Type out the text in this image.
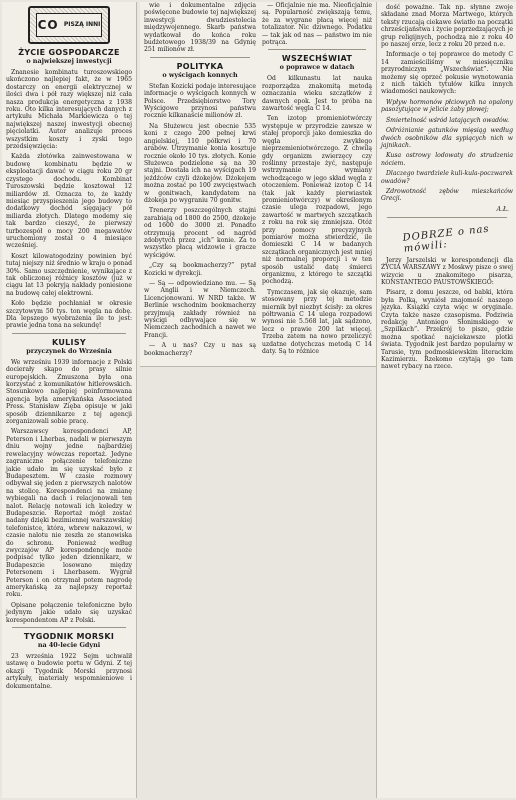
CO $^{PISZĄ INNI}$
ŻYCIE GOSPODARCZE
o najwiekszej inwestycji

Znanesie kombinatu turoszowskiego ukończono najlepiej fakt, że w 1965 dostarczy on energii elektrycznej w ilości dwa i pół razy większej niż cała nasza produkcja energetyczna z 1938 roku. Oto kilka interesujących danych z artykułu Michała Markiewicza o tej największej naszej inwestycji obecnej pięciolatki. Autor analizuje proces wszystkim koszty i zyski tego przedsięwzięcia:

Każda złotówka zainwestowana w budowę kombinatu będzie w eksploatacji dawać w ciągu roku 20 gr czystego dochodu. Kombinat Turoszowski będzie kosztował 12 miliardów zł. Oznacza to, że każdy miesiąc przyspieszenia jego budowy to dodatkowy dochód sięgający pół miliarda złotych. Dlatego modemy się tak bardzo cieszyć, że pierwszy turbozespół o mocy 200 megawatów uruchomiony został o 4 miesiące wcześniej.

Koszt kilowatogodziny powinien być tutaj niejszy niż średnio w kraju o ponad 30%. Samo uszczędnienie, wynikające z tak obliczonej różnicy kosztów (już w ciągu lat 13 pokryją nakłady poniesione na budowę całej elektrowni.

Koło będzie pochłaniał w okresie szczytowym 50 tys. ton węgla na dobę. Dla lepszego wyobrażenia ile to jest: prawie jedna tona na sekundę!

KULISY
przyczynek do Września

We wrześniu 1939 informacje z Polski docierały skąpo do prasy silnie europejskich. Zmuszona była ona korzystać z komunikatów hitlerowskich. Stosunkowo najlepiej poinformowana agencja była amerykańska Associated Press. Stanisław Zięba opisuje w jaki sposób dziennikarze z tej agencji zorganizowali sobie pracę.

Warszawscy korespondenci AP, Peterson i Lherbas, nadali w pierwszym dniu wojny jedne najbardziej rewelacyjny wówczas reportaż. Jedyne zagraniczne połączenie telefoniczne jakie udało im się uzyskać było z Budapesztem. W czasie rozmowy odbywał się jeden z pierwszych nalotów na stolicę. Korespondenci na zmianę wybiegali na dach i relacjonowali ten nalot. Relację notowali ich koledzy w Budapeszcie. Reportaż mógł zostać nadany dzięki bezimiennej warszawskiej telefonistce, która, wbrew nakazowi, w czasie nalotu nie zeszła ze stanowiska do schronu. Ponieważ według zwyczajów AP korespondencję może podpisać tylko jeden dziennikarz, w Budapeszcie losowano między Petersonem i Lherbasem. Wygrał Peterson i on otrzymał potem nagrodę amerykańską za najlepszy reportaż roku.

Opisane połączenie telefoniczne było jedynym jakie udało się uzyskać korespondentom AP z Polski.

TYGODNIK MORSKI
na 40-lecie Gdyni

23 września 1922 Sejm uchwalił ustawę o budowie portu w Gdyni. Z tej okazji Tygodnik Morski przynosi artykuły, materiały wspomnieniowe i dokumentalne.

wie i dokumentalne zdjęcia poświęcone budowie tej największej inwestycji dwudziestolecia międzywojennego. Skarb państwa wydatkował do końca roku budżetowego 1938/39 na Gdynię 251 milionów zł.

POLITYKA
o wyścigach konnych

Stefan Kozicki podaje interesujące informacje o wyścigach konnych w Polsce. Przedsiębiorstwo Tory Wyścigowe przynosi państwu rocznie kilkanaście milionów zł.

Na Służewcu jest obecnie 535 koni z czego 200 pełnej krwi angielskiej, 110 półkrwi i 70 arabów. Utrzymanie konia kosztuje rocznie około 10 tys. złotych. Konie Służewca podzielone są na 30 stajni. Dostała ich na wyścigach 19 jeźdźców czyli dżokejów. Dżokejem można zostać po 100 zwycięstwach w gonitwach, kandydatem na dżokeja po wygraniu 70 gonitw.

Trenerzy poszczególnych stajni zarabiają od 1800 do 2500, dżokeje od 1600 do 3000 zł. Ponadto otrzymują procent od nagród zdobytych przez „ich” konie. Za to wszystko płacą widzowie i gracze wyścigów.

„Czy są bookmacherzy?” pytał Kozicki w dyrekcji.

— Są — odpowiedziano mu. — Są w Anglii i w Niemczech. Licencjonowani. W NRD także. W Berlinie wschodnim bookmacherzy przyjmują zakłady również na wyścigi odbywające się w Niemczech zachodnich a nawet we Francji.

— A u nas? Czy u nas są bookmacherzy?

— Oficjalnie nie ma. Nieoficjalnie są. Popularność zwiększają temu, że za wygrane płacą więcej niż totalizator. Nic dziwnego. Podatku — tak jak od nas — państwo im nie potrąca.

WSZECHŚWIAT
o poprawce w datach

Od kilkunastu lat nauka rozporządza znakomitą metodą oznaczania wieku szczątków z dawnych epok. Jest to próba na zawartość węgla C 14.

Ten izotop promieniotwórczy występuje w przyrodzie zawsze w stałej proporcji jako domieszka do węgla zwykłego nieprzemieniotwórczego. Z chwilą gdy organizm zwierzęcy czy roślinny przestaje żyć, następuje wstrzymanie wymiany wchodzącego w jego skład węgla z otoczeniem. Ponieważ izotop C 14 (tak jak każdy pierwiastek promieniotwórczy) w określonym czasie ulega rozpadowi, jego zawartość w martwych szczątkach z roku na rok się zmniejsza. Otóż przy pomocy precyzyjnych pomiarów można stwierdzić, ile domieszki C 14 w badanych szczątkach organicznych jest mniej niż normalnej proporcji i w ten sposób ustalić datę śmierci organizmu, z którego te szczątki pochodzą.

Tymczasem, jak się okazuje, sam stosowany przy tej metodzie miernik był niezbyt ścisły: za okres półtrwania C 14 ulega rozpadowi wynosi nie 5.568 lat, jak sądzono, lecz o prawie 200 lat więcej. Trzeba zatem na nowo przeliczyć uzdatne dotychczas metodą C 14 daty. Są to różnice

dość poważne. Tak np. słynne zwoje składane znad Morza Martwego, których teksty rzucają ciekawe światło na początki chrześcijaństwa i życie poprzedzających je grup religijnych, pochodzą nie z roku 40 po naszej erze, lecz z roku 20 przed n.e.

Informacje o tej poprawce do metody C 14 zamieściliśmy w miesięczniku przyrodniczym „Wszechświat”. Nie możemy się oprzeć pokusie wynotowania z nich takich tytułów kilku innych wiadomości naukowych:

Wpływ hormonów płciowych na opalony pasożytujące w jelicie żaby płowej;

Śmiertelność wśród latających owadów.

Odróżnianie gatunków mięsiąg według dwóch osobników dla sypiących nich w jajnikach.

Kusa ostrowy lodowaty do strudzenia nóciem.

Dlaczego twardziele kuli-kula-poczwarek owadów?

Zdrowotność zębów mieszkańców Grecji.

A.Ł.
DOBRZE o nas mówili:

Jerzy Jarszelski w korespondencji dla ŻYCIA WARSZAWY z Moskwy pisze o swej wizycie u znakomitego pisarza, KONSTANTEGO PAUSTOWSKIEGO:

Pisarz, z domu jeszcze, od babki, która była Polką, wyniósł znajomość naszego języka. Książki czyta więc w oryginale. Czyta także nasze czasopisma. Podziwia redakcję Antoniego Słonimskiego w „Szpilkach”. Przekrój to pisze, gdzie można spotkać najciekawsze plotki świata. Tygodnik jest bardzo popularny w Tarusie, tym podmoskiewskim literackim Kazimierzu. Rzekomo czytają go tam nawet rybacy na rzece.
